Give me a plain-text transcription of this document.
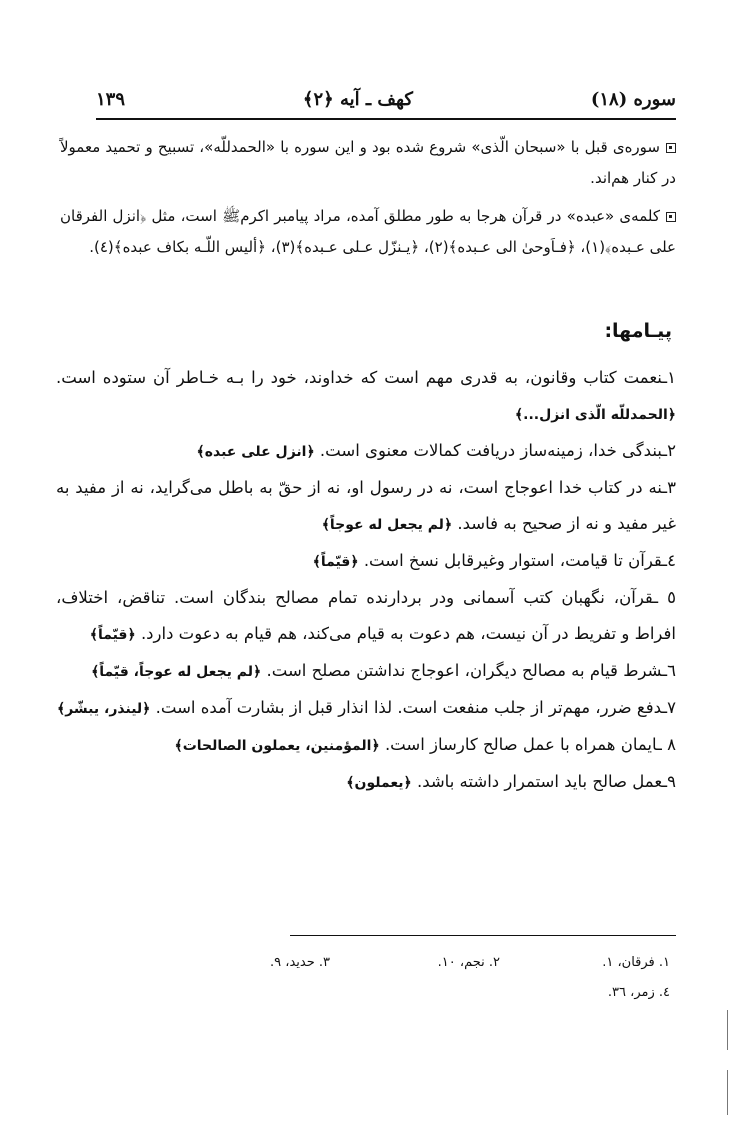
سوره (۱۸)
کهف ـ آیه ﴿۲﴾
۱۳۹

سوره‌ی قبل با «سبحان الّذی» شروع شده بود و این سوره با «الحمدللّه»، تسبیح و تحمید معمولاً در کنار هم‌اند.

کلمه‌ی «عبده» در قرآن هرجا به طور مطلق آمده، مراد پیامبر اکرمﷺ است، مثل ﴿انزل الفرقان علی عـبده﴾(۱)، ﴿فـاَوحیٰ الی عـبده﴾(۲)، ﴿یـنزّل عـلی عـبده﴾(۳)، ﴿ألیس اللّـه بکاف عبده﴾(٤).

پیـامها:

۱ـنعمت کتاب وقانون، به قدری مهم است که خداوند، خود را بـه خـاطر آن ستوده است. ﴿الحمدللّه الّذی انزل...﴾

۲ـبندگی خدا، زمینه‌ساز دریافت کمالات معنوی است. ﴿انزل علی عبده﴾

۳ـنه در کتاب خدا اعوجاج است، نه در رسول او، نه از حقّ به باطل می‌گراید، نه از مفید به غیر مفید و نه از صحیح به فاسد. ﴿لم یجعل له عوجاً﴾

٤ـقرآن تا قیامت، استوار وغیرقابل نسخ است. ﴿قیّماً﴾

٥ ـقرآن، نگهبان کتب آسمانی ودر بردارنده تمام مصالح بندگان است. تناقض، اختلاف، افراط و تفریط در آن نیست، هم دعوت به قیام می‌کند، هم قیام به دعوت دارد. ﴿قیّماً﴾

٦ـشرط قیام به مصالح دیگران، اعوجاج نداشتن مصلح است. ﴿لم یجعل له عوجاً، قیّماً﴾

۷ـدفع ضرر، مهم‌تر از جلب منفعت است. لذا انذار قبل از بشارت آمده است. ﴿لینذر، یبشّر﴾

۸ ـایمان همراه با عمل صالح کارساز است. ﴿المؤمنین، یعملون الصالحات﴾

۹ـعمل صالح باید استمرار داشته باشد. ﴿یعملون﴾

۱. فرقان، ۱.
۲. نجم، ۱۰.
۳. حدید، ۹.
٤. زمر، ۳٦.
